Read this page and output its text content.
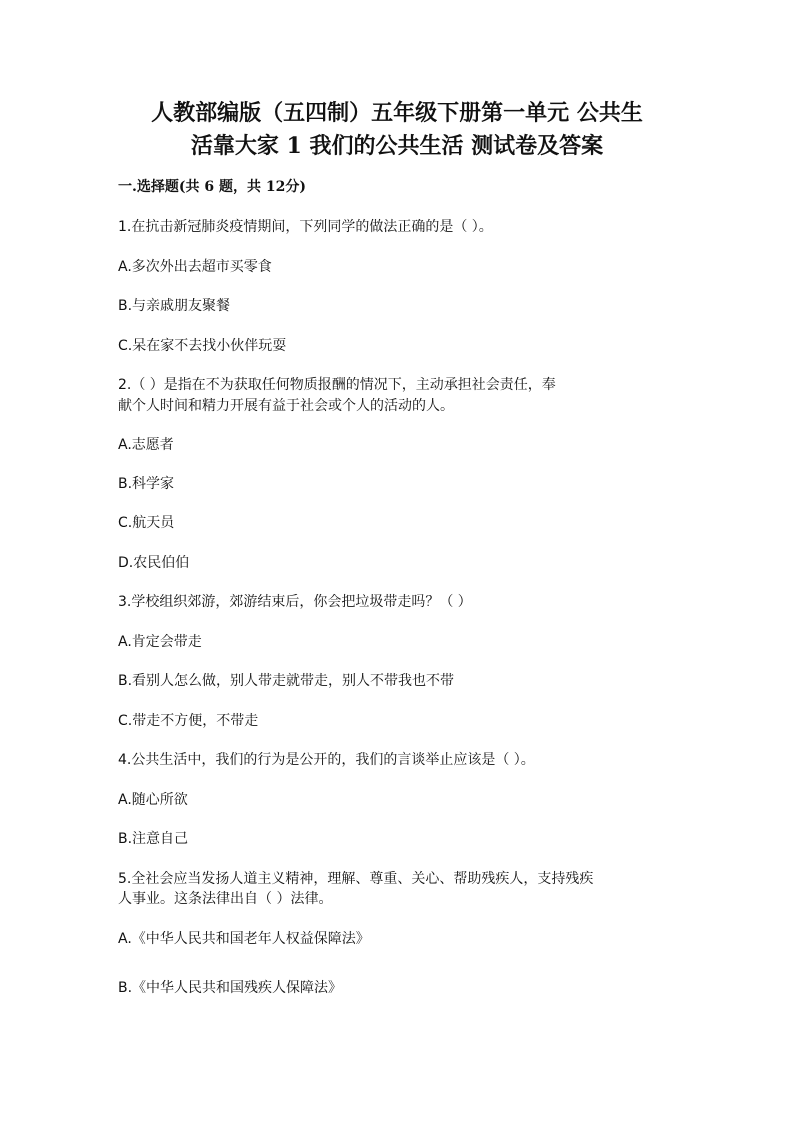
人教部编版（五四制）五年级下册第一单元 公共生
活靠大家 1 我们的公共生活 测试卷及答案
一.选择题(共 6 题，共 12分)
1.在抗击新冠肺炎疫情期间，下列同学的做法正确的是（ ）。
A.多次外出去超市买零食
B.与亲戚朋友聚餐
C.呆在家不去找小伙伴玩耍
2.（ ）是指在不为获取任何物质报酬的情况下，主动承担社会责任，奉
献个人时间和精力开展有益于社会或个人的活动的人。
A.志愿者
B.科学家
C.航天员
D.农民伯伯
3.学校组织郊游，郊游结束后，你会把垃圾带走吗？（ ）
A.肯定会带走
B.看别人怎么做，别人带走就带走，别人不带我也不带
C.带走不方便，不带走
4.公共生活中，我们的行为是公开的，我们的言谈举止应该是（ ）。
A.随心所欲
B.注意自己
5.全社会应当发扬人道主义精神，理解、尊重、关心、帮助残疾人，支持残疾
人事业。这条法律出自（ ）法律。
A.《中华人民共和国老年人权益保障法》
B.《中华人民共和国残疾人保障法》
